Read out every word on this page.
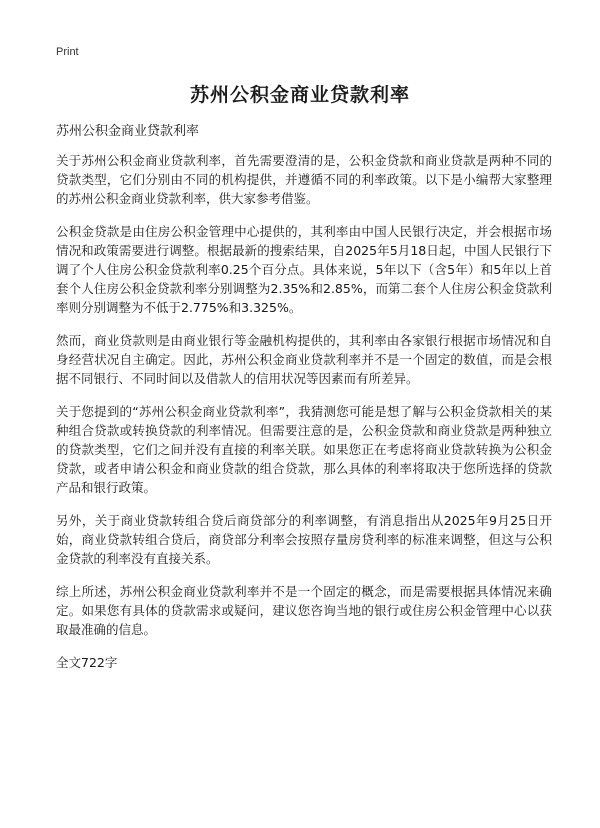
Print
苏州公积金商业贷款利率

苏州公积金商业贷款利率

关于苏州公积金商业贷款利率，首先需要澄清的是，公积金贷款和商业贷款是两种不同的贷款类型，它们分别由不同的机构提供，并遵循不同的利率政策。以下是小编帮大家整理的苏州公积金商业贷款利率，供大家参考借鉴。

公积金贷款是由住房公积金管理中心提供的，其利率由中国人民银行决定，并会根据市场情况和政策需要进行调整。根据最新的搜索结果，自2025年5月18日起，中国人民银行下调了个人住房公积金贷款利率0.25个百分点。具体来说，5年以下（含5年）和5年以上首套个人住房公积金贷款利率分别调整为2.35%和2.85%，而第二套个人住房公积金贷款利率则分别调整为不低于2.775%和3.325%。

然而，商业贷款则是由商业银行等金融机构提供的，其利率由各家银行根据市场情况和自身经营状况自主确定。因此，苏州公积金商业贷款利率并不是一个固定的数值，而是会根据不同银行、不同时间以及借款人的信用状况等因素而有所差异。

关于您提到的“苏州公积金商业贷款利率”，我猜测您可能是想了解与公积金贷款相关的某种组合贷款或转换贷款的利率情况。但需要注意的是，公积金贷款和商业贷款是两种独立的贷款类型，它们之间并没有直接的利率关联。如果您正在考虑将商业贷款转换为公积金贷款，或者申请公积金和商业贷款的组合贷款，那么具体的利率将取决于您所选择的贷款产品和银行政策。

另外，关于商业贷款转组合贷后商贷部分的利率调整，有消息指出从2025年9月25日开始，商业贷款转组合贷后，商贷部分利率会按照存量房贷利率的标准来调整，但这与公积金贷款的利率没有直接关系。

综上所述，苏州公积金商业贷款利率并不是一个固定的概念，而是需要根据具体情况来确定。如果您有具体的贷款需求或疑问，建议您咨询当地的银行或住房公积金管理中心以获取最准确的信息。

全文722字
